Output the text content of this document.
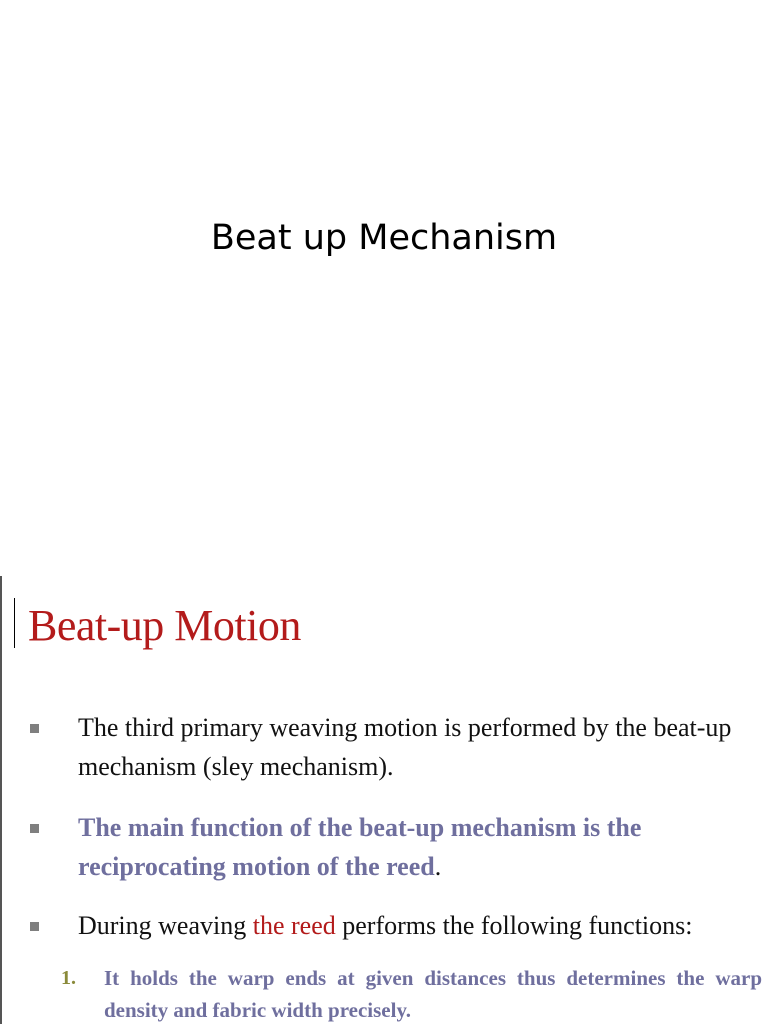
Beat up Mechanism
Beat-up Motion
The third primary weaving motion is performed by the beat-up mechanism (sley mechanism).
The main function of the beat-up mechanism is the reciprocating motion of the reed.
During weaving the reed performs the following functions:
1. It holds the warp ends at given distances thus determines the warp density and fabric width precisely.
